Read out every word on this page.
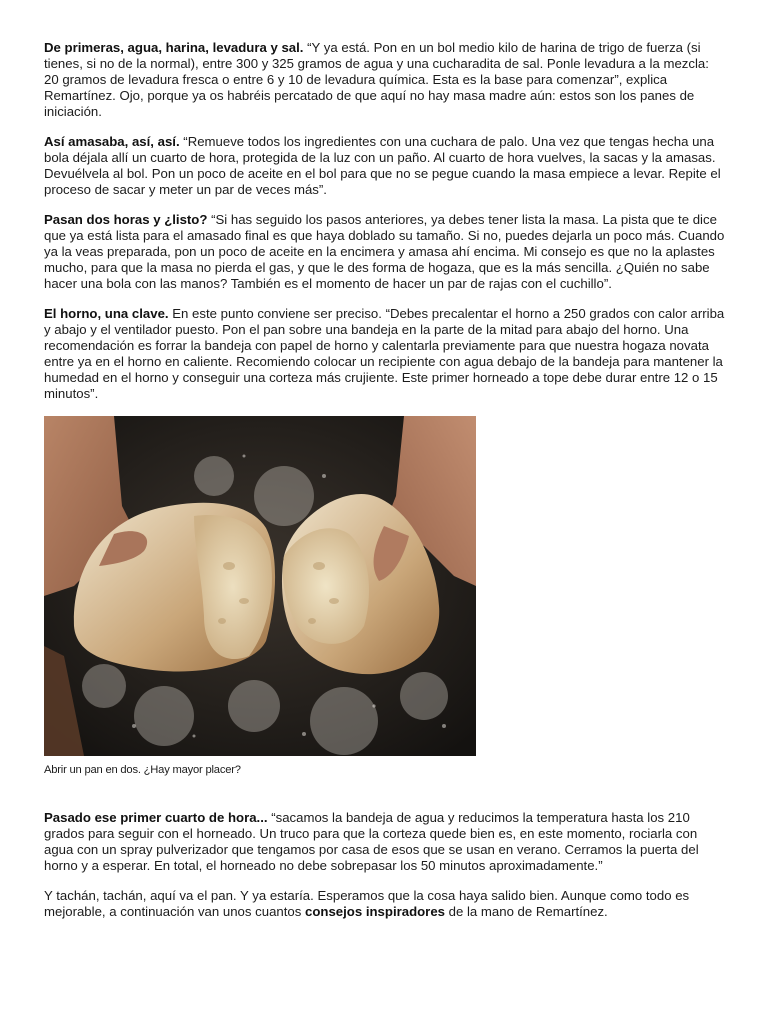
De primeras, agua, harina, levadura y sal. “Y ya está. Pon en un bol medio kilo de harina de trigo de fuerza (si tienes, si no de la normal), entre 300 y 325 gramos de agua y una cucharadita de sal. Ponle levadura a la mezcla: 20 gramos de levadura fresca o entre 6 y 10 de levadura química. Esta es la base para comenzar”, explica Remartínez. Ojo, porque ya os habréis percatado de que aquí no hay masa madre aún: estos son los panes de iniciación.

Así amasaba, así, así. “Remueve todos los ingredientes con una cuchara de palo. Una vez que tengas hecha una bola déjala allí un cuarto de hora, protegida de la luz con un paño. Al cuarto de hora vuelves, la sacas y la amasas. Devuélvela al bol. Pon un poco de aceite en el bol para que no se pegue cuando la masa empiece a levar. Repite el proceso de sacar y meter un par de veces más”.

Pasan dos horas y ¿listo? “Si has seguido los pasos anteriores, ya debes tener lista la masa. La pista que te dice que ya está lista para el amasado final es que haya doblado su tamaño. Si no, puedes dejarla un poco más. Cuando ya la veas preparada, pon un poco de aceite en la encimera y amasa ahí encima. Mi consejo es que no la aplastes mucho, para que la masa no pierda el gas, y que le des forma de hogaza, que es la más sencilla. ¿Quién no sabe hacer una bola con las manos? También es el momento de hacer un par de rajas con el cuchillo”.

El horno, una clave. En este punto conviene ser preciso. “Debes precalentar el horno a 250 grados con calor arriba y abajo y el ventilador puesto. Pon el pan sobre una bandeja en la parte de la mitad para abajo del horno. Una recomendación es forrar la bandeja con papel de horno y calentarla previamente para que nuestra hogaza novata entre ya en el horno en caliente. Recomiendo colocar un recipiente con agua debajo de la bandeja para mantener la humedad en el horno y conseguir una corteza más crujiente. Este primer horneado a tope debe durar entre 12 o 15 minutos”.

Abrir un pan en dos. ¿Hay mayor placer?

Pasado ese primer cuarto de hora... “sacamos la bandeja de agua y reducimos la temperatura hasta los 210 grados para seguir con el horneado. Un truco para que la corteza quede bien es, en este momento, rociarla con agua con un spray pulverizador que tengamos por casa de esos que se usan en verano. Cerramos la puerta del horno y a esperar. En total, el horneado no debe sobrepasar los 50 minutos aproximadamente.”

Y tachán, tachán, aquí va el pan. Y ya estaría. Esperamos que la cosa haya salido bien. Aunque como todo es mejorable, a continuación van unos cuantos consejos inspiradores de la mano de Remartínez.
